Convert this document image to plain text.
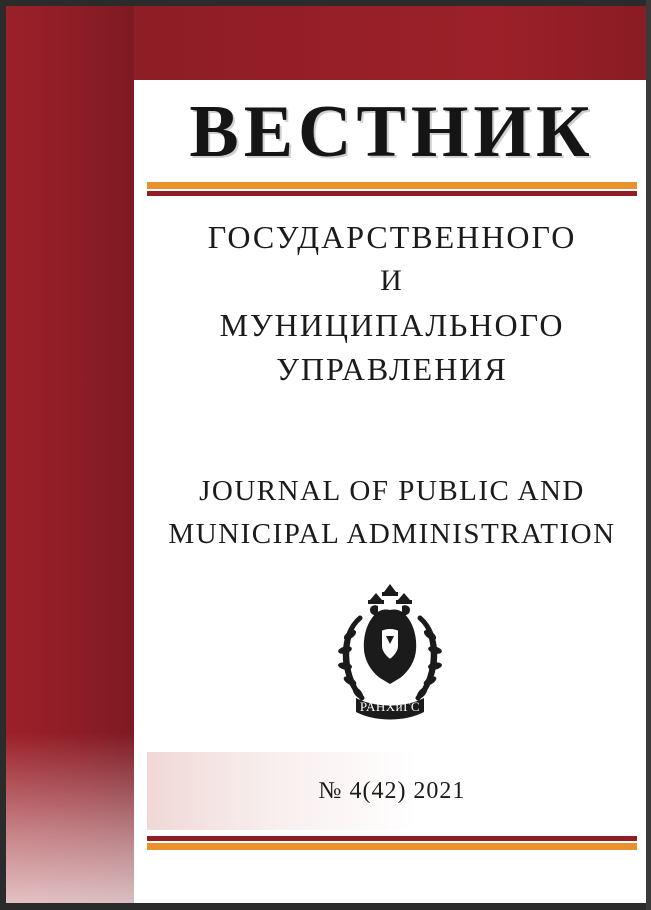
ВЕСТНИК
ГОСУДАРСТВЕННОГО
И
МУНИЦИПАЛЬНОГО
УПРАВЛЕНИЯ
JOURNAL OF PUBLIC AND
MUNICIPAL ADMINISTRATION
РАНХиГС
№ 4(42) 2021
